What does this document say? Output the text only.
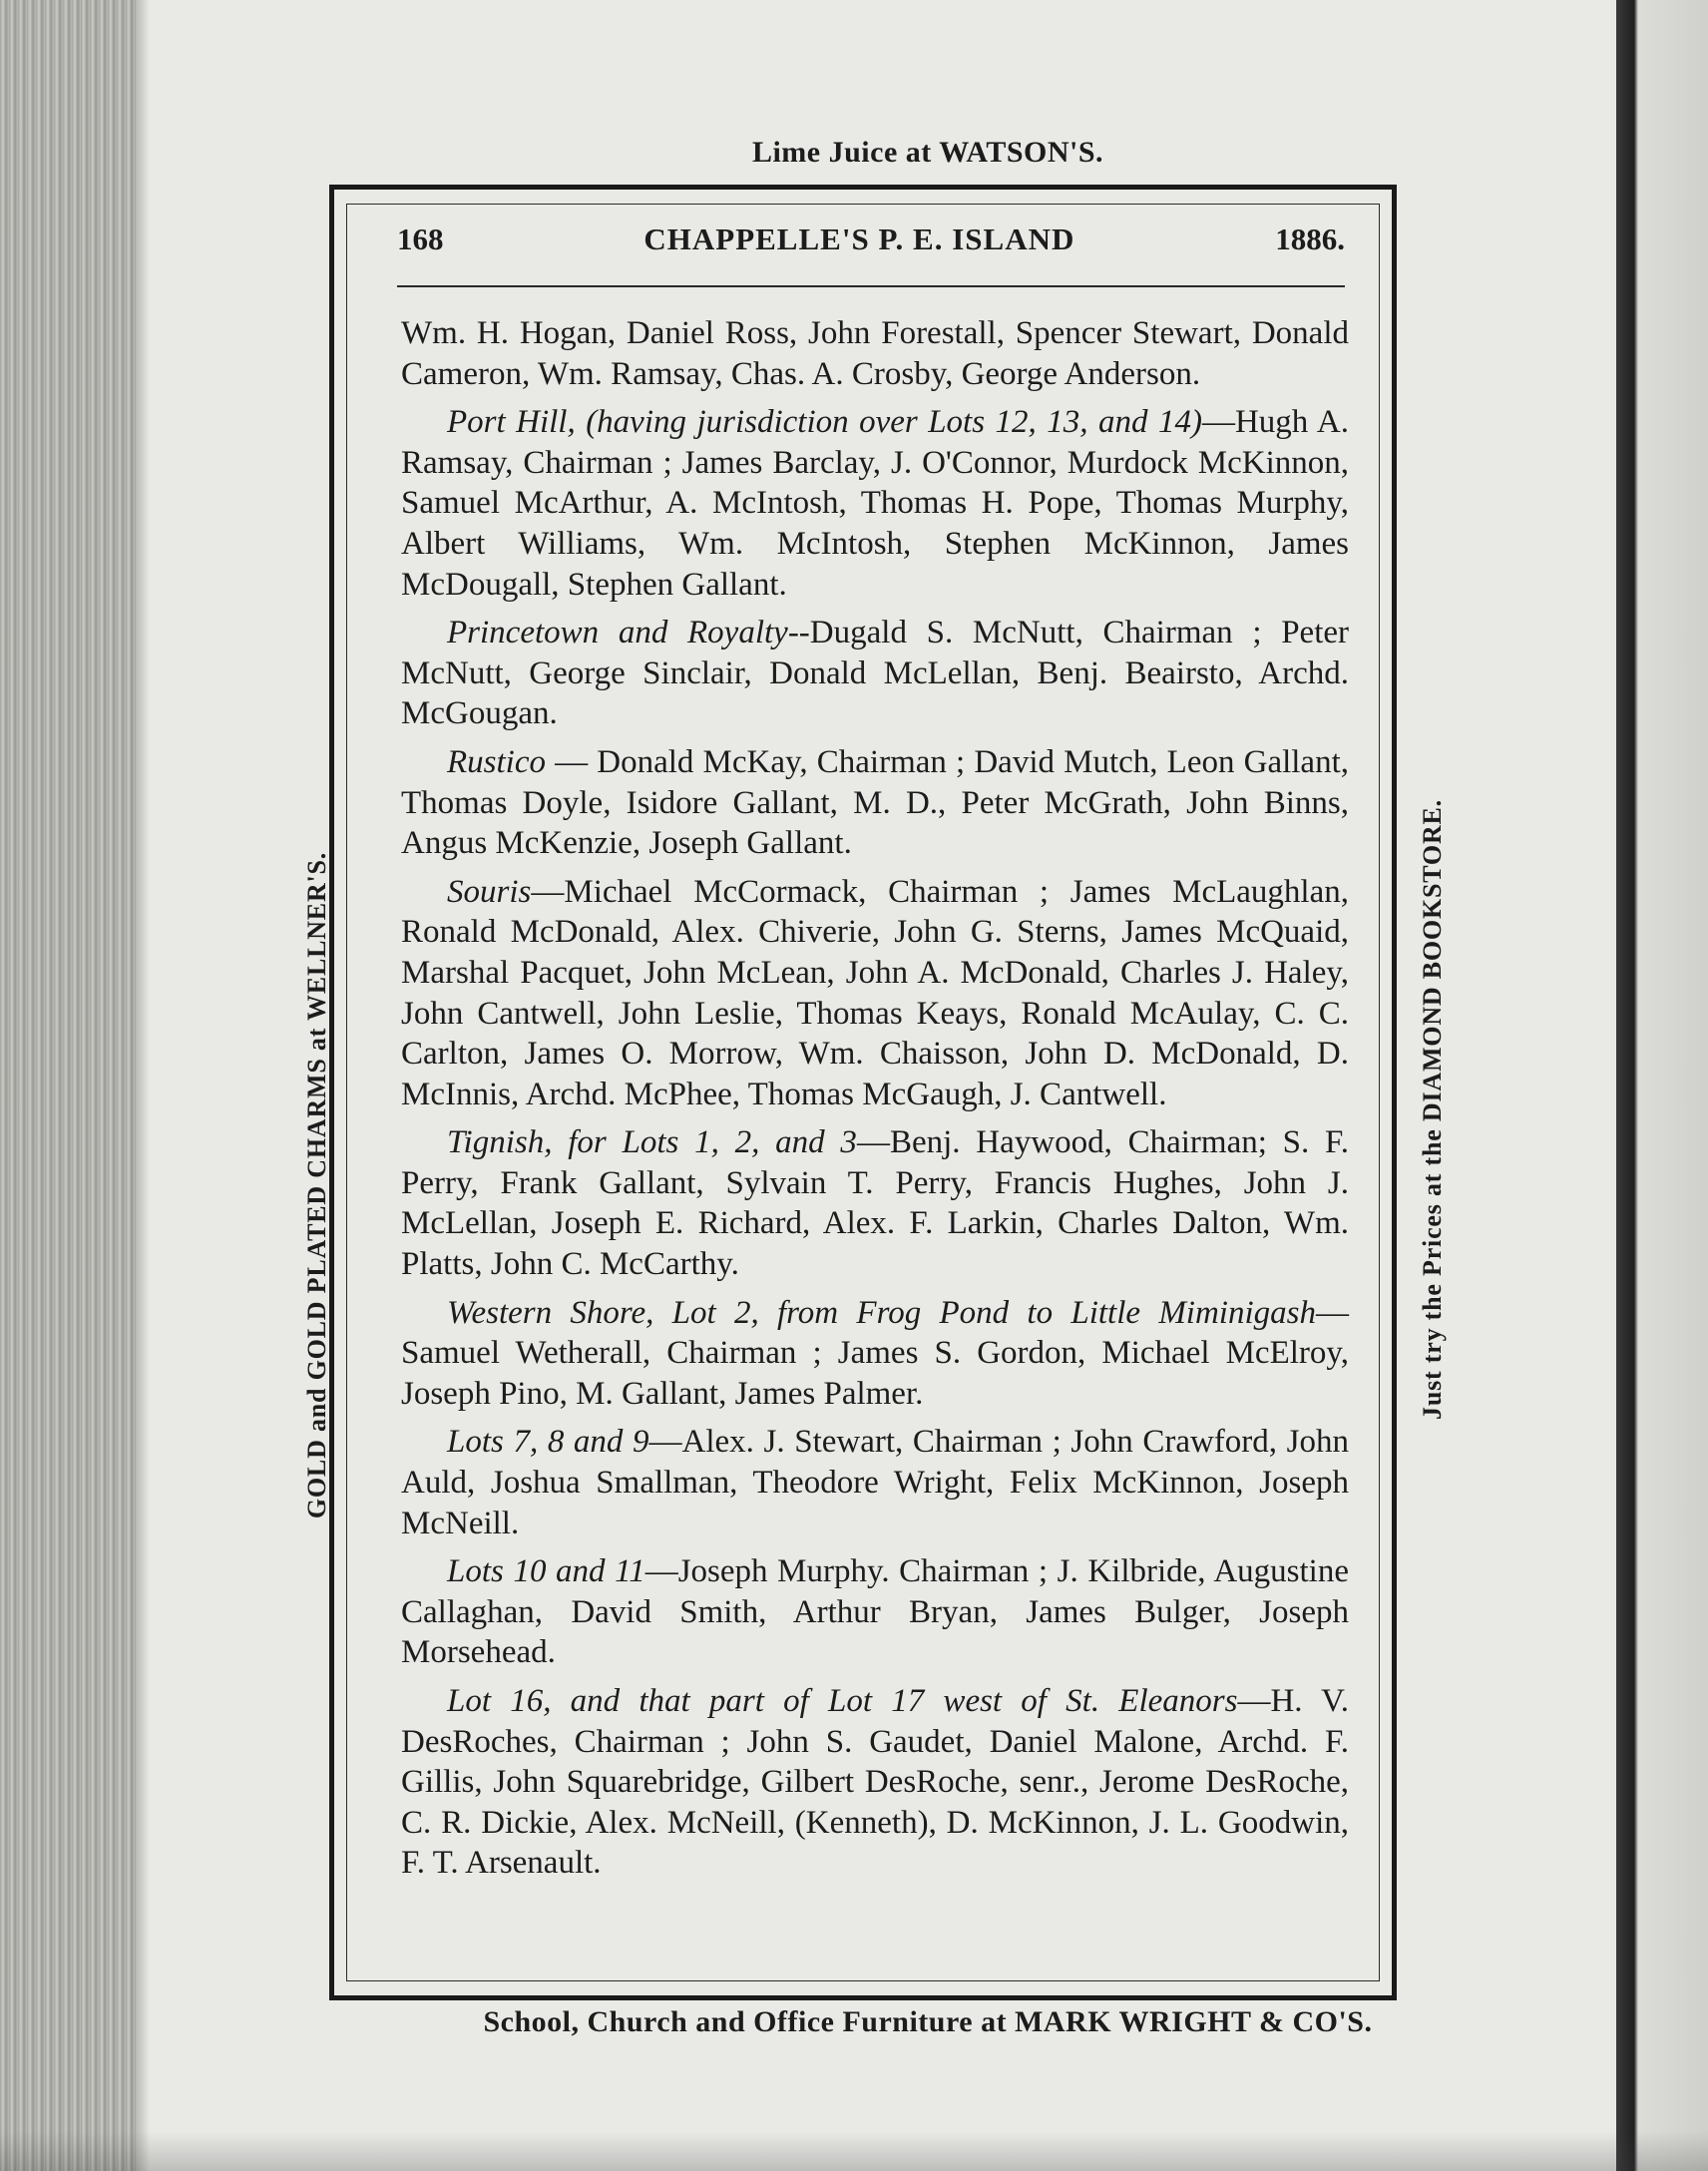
Lime Juice at WATSON'S.
GOLD and GOLD PLATED CHARMS at WELLNER'S.	Just try the Prices at the DIAMOND BOOKSTORE.
168	CHAPPELLE'S P. E. ISLAND	1886.

Wm. H. Hogan, Daniel Ross, John Forestall, Spencer Stewart, Donald Cameron, Wm. Ramsay, Chas. A. Crosby, George Anderson.

Port Hill, (having jurisdiction over Lots 12, 13, and 14)—Hugh A. Ramsay, Chairman ; James Barclay, J. O'Connor, Murdock McKinnon, Samuel McArthur, A. McIntosh, Thomas H. Pope, Thomas Murphy, Albert Williams, Wm. McIntosh, Stephen McKinnon, James McDougall, Stephen Gallant.

Princetown and Royalty--Dugald S. McNutt, Chairman ; Peter McNutt, George Sinclair, Donald McLellan, Benj. Beairsto, Archd. McGougan.

Rustico — Donald McKay, Chairman ; David Mutch, Leon Gallant, Thomas Doyle, Isidore Gallant, M. D., Peter McGrath, John Binns, Angus McKenzie, Joseph Gallant.

Souris—Michael McCormack, Chairman ; James McLaughlan, Ronald McDonald, Alex. Chiverie, John G. Sterns, James McQuaid, Marshal Pacquet, John McLean, John A. McDonald, Charles J. Haley, John Cantwell, John Leslie, Thomas Keays, Ronald McAulay, C. C. Carlton, James O. Morrow, Wm. Chaisson, John D. McDonald, D. McInnis, Archd. McPhee, Thomas McGaugh, J. Cantwell.

Tignish, for Lots 1, 2, and 3—Benj. Haywood, Chairman; S. F. Perry, Frank Gallant, Sylvain T. Perry, Francis Hughes, John J. McLellan, Joseph E. Richard, Alex. F. Larkin, Charles Dalton, Wm. Platts, John C. McCarthy.

Western Shore, Lot 2, from Frog Pond to Little Miminigash—Samuel Wetherall, Chairman ; James S. Gordon, Michael McElroy, Joseph Pino, M. Gallant, James Palmer.

Lots 7, 8 and 9—Alex. J. Stewart, Chairman ; John Crawford, John Auld, Joshua Smallman, Theodore Wright, Felix McKinnon, Joseph McNeill.

Lots 10 and 11—Joseph Murphy. Chairman ; J. Kilbride, Augustine Callaghan, David Smith, Arthur Bryan, James Bulger, Joseph Morsehead.

Lot 16, and that part of Lot 17 west of St. Eleanors—H. V. DesRoches, Chairman ; John S. Gaudet, Daniel Malone, Archd. F. Gillis, John Squarebridge, Gilbert DesRoche, senr., Jerome DesRoche, C. R. Dickie, Alex. McNeill, (Kenneth), D. McKinnon, J. L. Goodwin, F. T. Arsenault.

School, Church and Office Furniture at MARK WRIGHT & CO'S.
